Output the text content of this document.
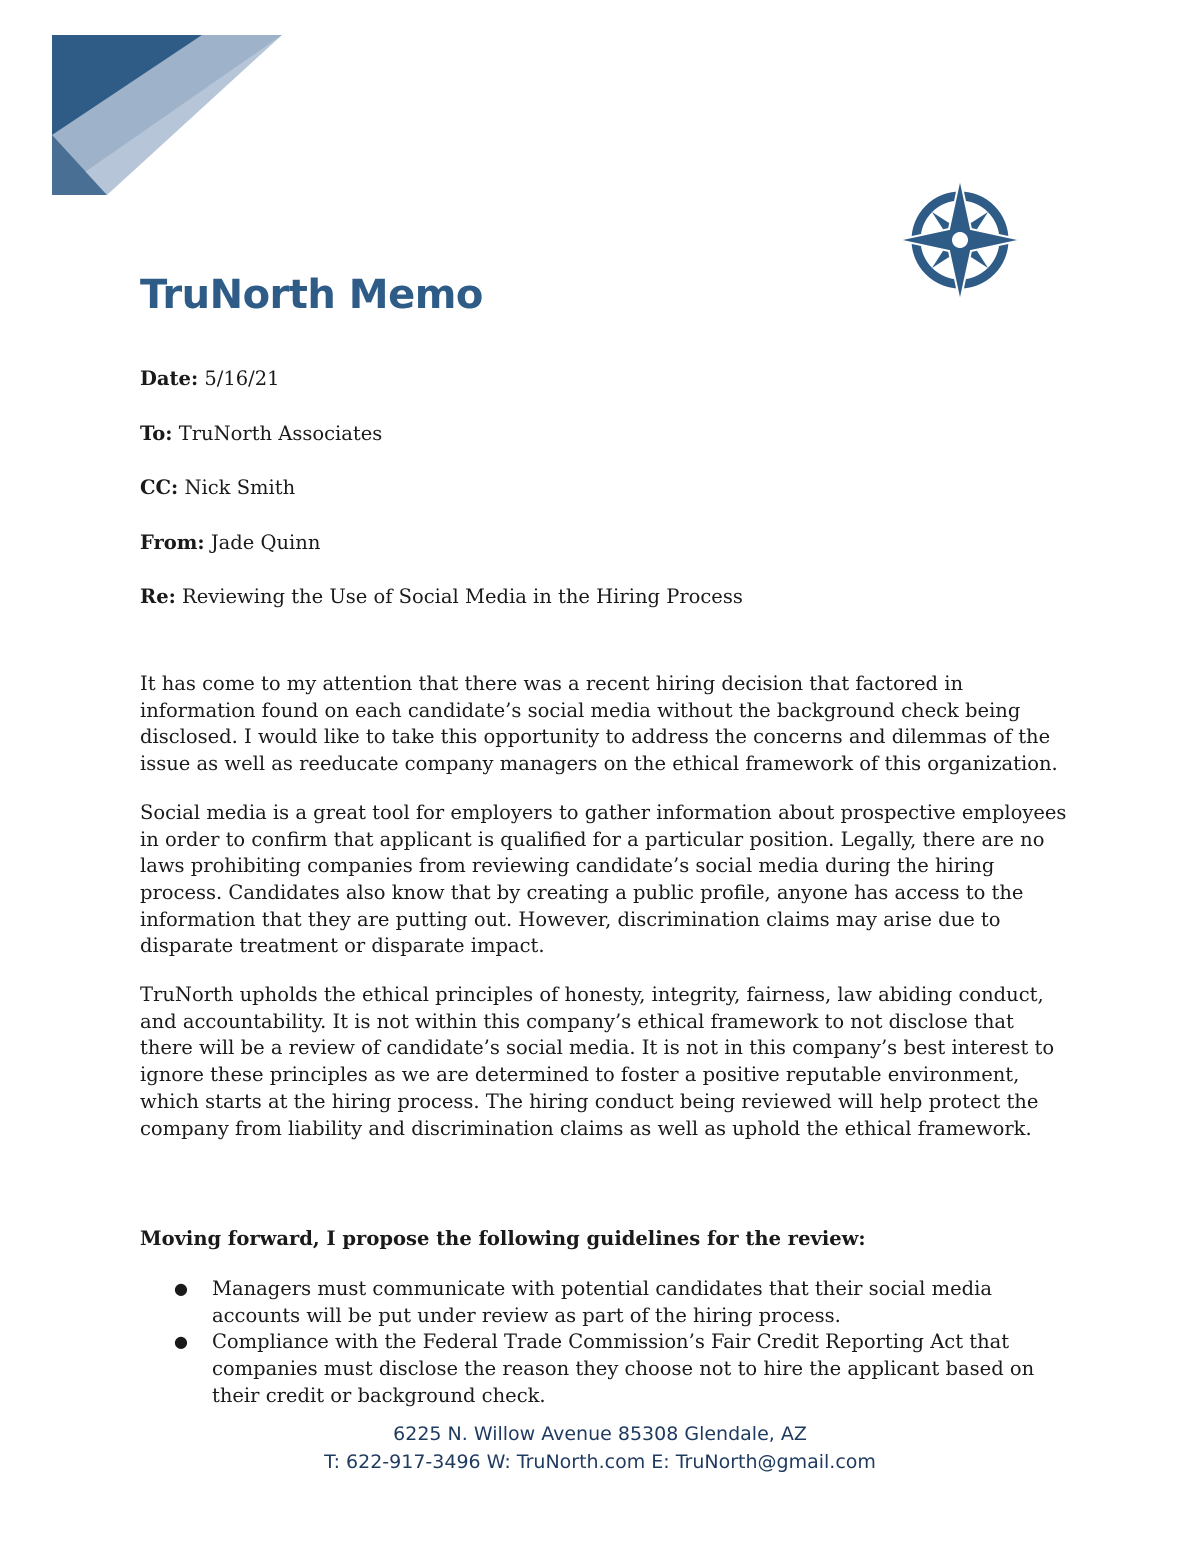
TruNorth Memo
Date: 5/16/21
To: TruNorth Associates
CC: Nick Smith
From: Jade Quinn
Re: Reviewing the Use of Social Media in the Hiring Process

It has come to my attention that there was a recent hiring decision that factored in information found on each candidate’s social media without the background check being disclosed. I would like to take this opportunity to address the concerns and dilemmas of the issue as well as reeducate company managers on the ethical framework of this organization.

Social media is a great tool for employers to gather information about prospective employees in order to confirm that applicant is qualified for a particular position. Legally, there are no laws prohibiting companies from reviewing candidate’s social media during the hiring process. Candidates also know that by creating a public profile, anyone has access to the information that they are putting out. However, discrimination claims may arise due to disparate treatment or disparate impact.

TruNorth upholds the ethical principles of honesty, integrity, fairness, law abiding conduct, and accountability. It is not within this company’s ethical framework to not disclose that there will be a review of candidate’s social media. It is not in this company’s best interest to ignore these principles as we are determined to foster a positive reputable environment, which starts at the hiring process. The hiring conduct being reviewed will help protect the company from liability and discrimination claims as well as uphold the ethical framework.

Moving forward, I propose the following guidelines for the review:

● Managers must communicate with potential candidates that their social media accounts will be put under review as part of the hiring process.
● Compliance with the Federal Trade Commission’s Fair Credit Reporting Act that companies must disclose the reason they choose not to hire the applicant based on their credit or background check.
6225 N. Willow Avenue 85308 Glendale, AZ
T: 622-917-3496 W: TruNorth.com E: TruNorth@gmail.com
